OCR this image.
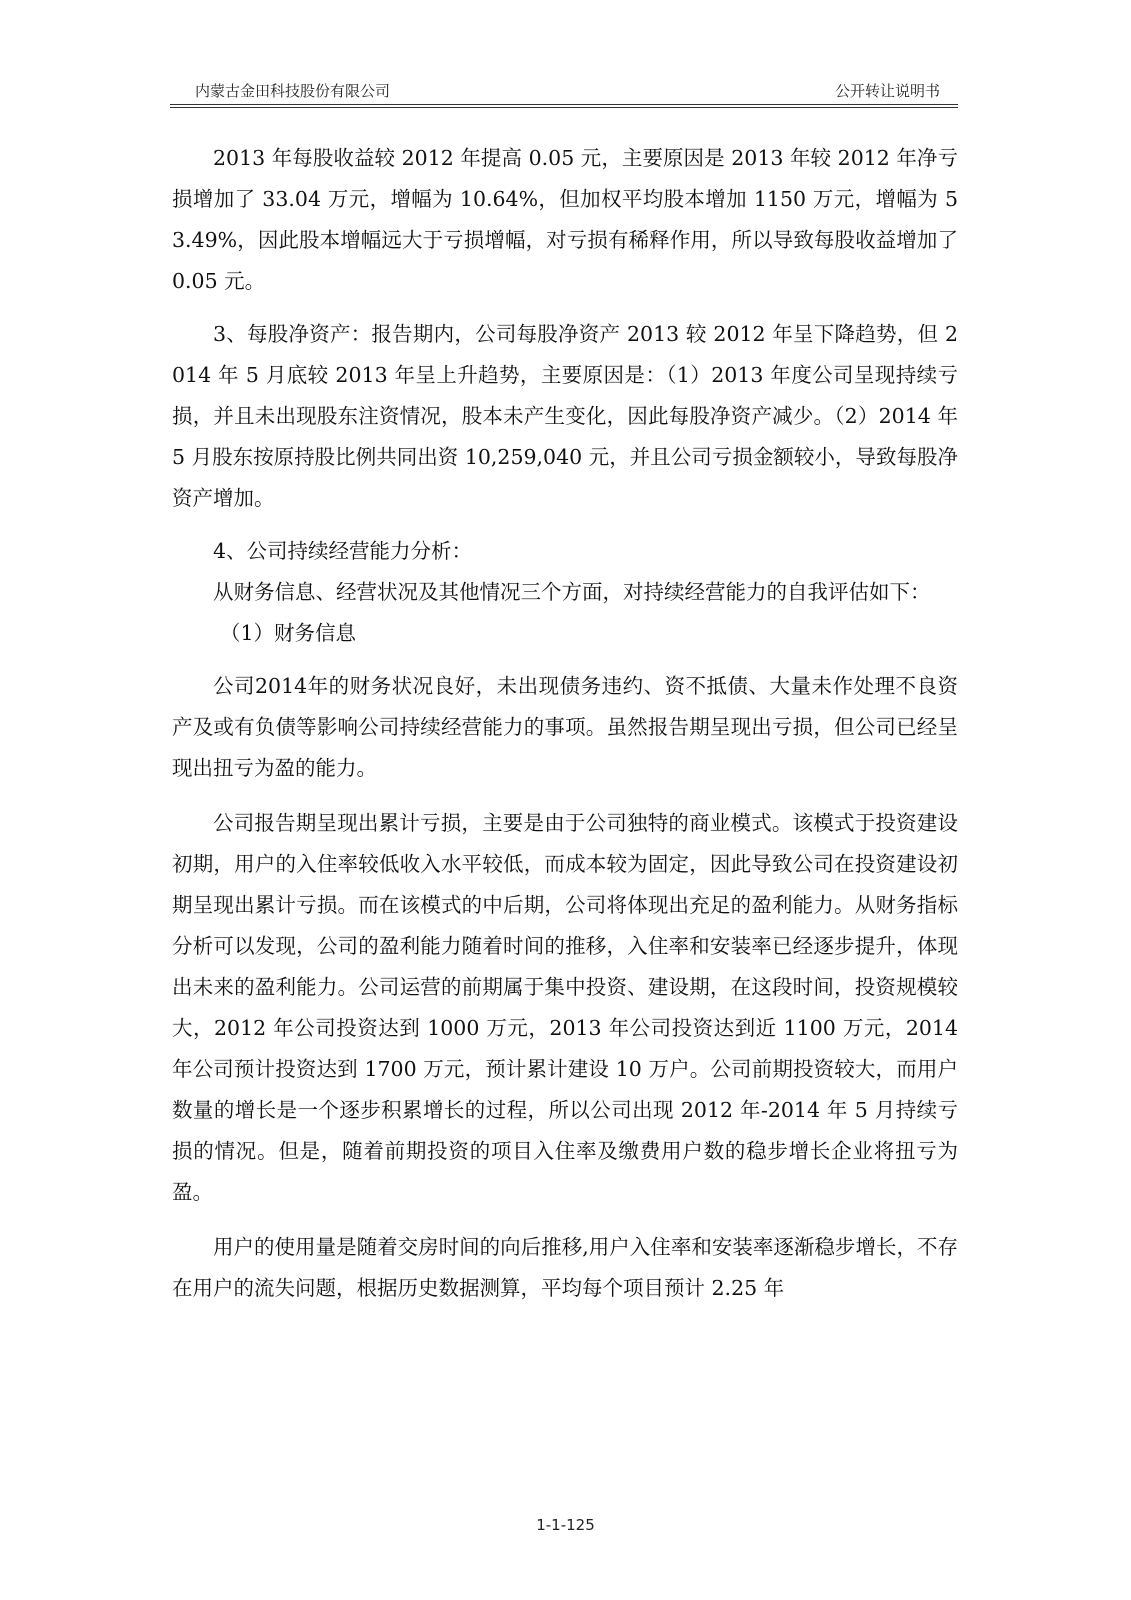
内蒙古金田科技股份有限公司	公开转让说明书

2013 年每股收益较 2012 年提高 0.05 元，主要原因是 2013 年较 2012 年净亏损增加了 33.04 万元，增幅为 10.64%，但加权平均股本增加 1150 万元，增幅为 53.49%，因此股本增幅远大于亏损增幅，对亏损有稀释作用，所以导致每股收益增加了 0.05 元。

3、每股净资产：报告期内，公司每股净资产 2013 较 2012 年呈下降趋势，但 2014 年 5 月底较 2013 年呈上升趋势，主要原因是：（1）2013 年度公司呈现持续亏损，并且未出现股东注资情况，股本未产生变化，因此每股净资产减少。（2）2014 年 5 月股东按原持股比例共同出资 10,259,040 元，并且公司亏损金额较小，导致每股净资产增加。

4、公司持续经营能力分析：

从财务信息、经营状况及其他情况三个方面，对持续经营能力的自我评估如下：

（1）财务信息

公司2014年的财务状况良好，未出现债务违约、资不抵债、大量未作处理不良资产及或有负债等影响公司持续经营能力的事项。虽然报告期呈现出亏损，但公司已经呈现出扭亏为盈的能力。

公司报告期呈现出累计亏损，主要是由于公司独特的商业模式。该模式于投资建设初期，用户的入住率较低收入水平较低，而成本较为固定，因此导致公司在投资建设初期呈现出累计亏损。而在该模式的中后期，公司将体现出充足的盈利能力。从财务指标分析可以发现，公司的盈利能力随着时间的推移，入住率和安装率已经逐步提升，体现出未来的盈利能力。公司运营的前期属于集中投资、建设期，在这段时间，投资规模较大，2012 年公司投资达到 1000 万元，2013 年公司投资达到近 1100 万元，2014 年公司预计投资达到 1700 万元，预计累计建设 10 万户。公司前期投资较大，而用户数量的增长是一个逐步积累增长的过程，所以公司出现 2012 年-2014 年 5 月持续亏损的情况。但是，随着前期投资的项目入住率及缴费用户数的稳步增长企业将扭亏为盈。

用户的使用量是随着交房时间的向后推移,用户入住率和安装率逐渐稳步增长，不存在用户的流失问题，根据历史数据测算，平均每个项目预计 2.25 年

1-1-125
